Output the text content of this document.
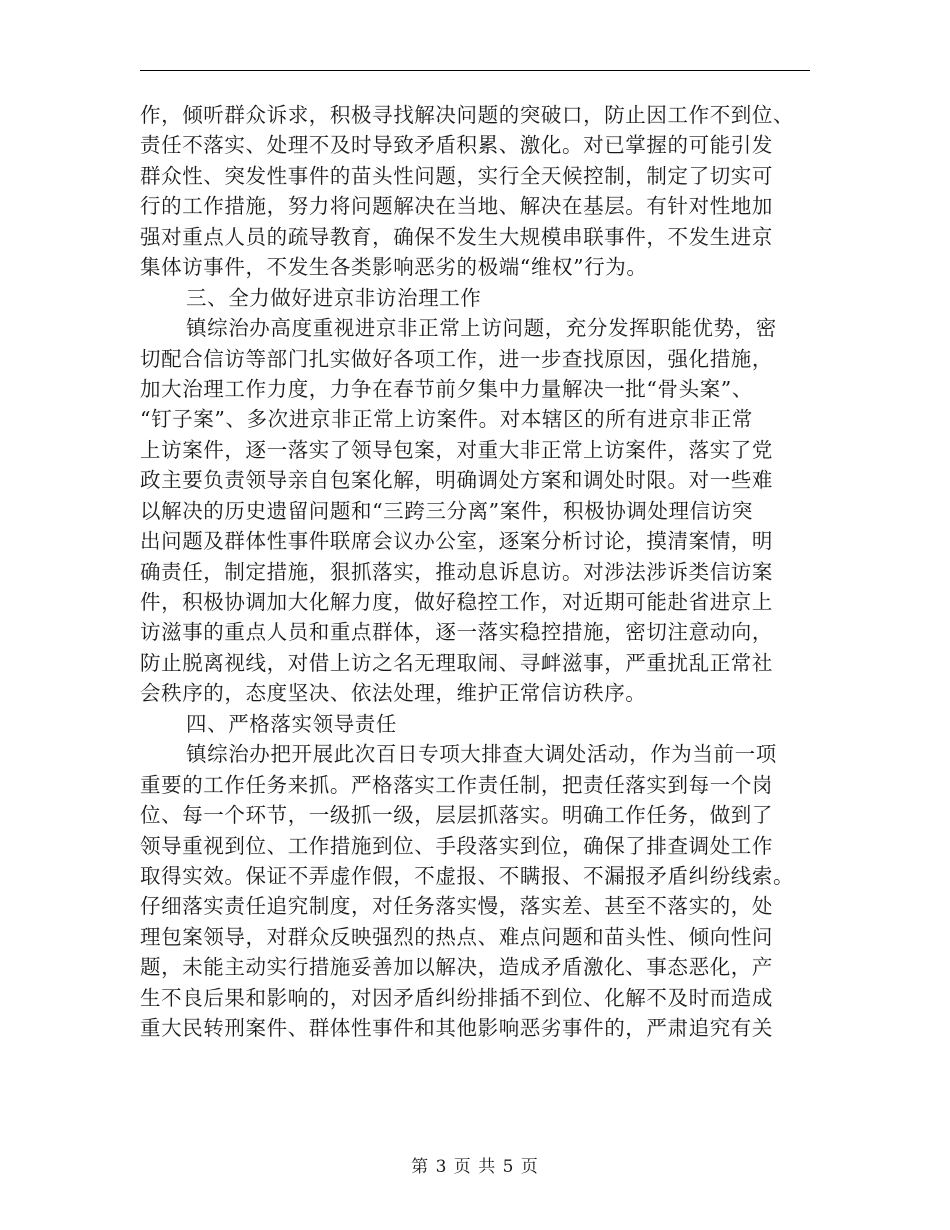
作，倾听群众诉求，积极寻找解决问题的突破口，防止因工作不到位、
责任不落实、处理不及时导致矛盾积累、激化。对已掌握的可能引发
群众性、突发性事件的苗头性问题，实行全天候控制，制定了切实可
行的工作措施，努力将问题解决在当地、解决在基层。有针对性地加
强对重点人员的疏导教育，确保不发生大规模串联事件，不发生进京
集体访事件，不发生各类影响恶劣的极端“维权”行为。
三、全力做好进京非访治理工作
镇综治办高度重视进京非正常上访问题，充分发挥职能优势，密
切配合信访等部门扎实做好各项工作，进一步查找原因，强化措施，
加大治理工作力度，力争在春节前夕集中力量解决一批“骨头案”、
“钉子案”、多次进京非正常上访案件。对本辖区的所有进京非正常
上访案件，逐一落实了领导包案，对重大非正常上访案件，落实了党
政主要负责领导亲自包案化解，明确调处方案和调处时限。对一些难
以解决的历史遗留问题和“三跨三分离”案件，积极协调处理信访突
出问题及群体性事件联席会议办公室，逐案分析讨论，摸清案情，明
确责任，制定措施，狠抓落实，推动息诉息访。对涉法涉诉类信访案
件，积极协调加大化解力度，做好稳控工作，对近期可能赴省进京上
访滋事的重点人员和重点群体，逐一落实稳控措施，密切注意动向，
防止脱离视线，对借上访之名无理取闹、寻衅滋事，严重扰乱正常社
会秩序的，态度坚决、依法处理，维护正常信访秩序。
四、严格落实领导责任
镇综治办把开展此次百日专项大排查大调处活动，作为当前一项
重要的工作任务来抓。严格落实工作责任制，把责任落实到每一个岗
位、每一个环节，一级抓一级，层层抓落实。明确工作任务，做到了
领导重视到位、工作措施到位、手段落实到位，确保了排查调处工作
取得实效。保证不弄虚作假，不虚报、不瞒报、不漏报矛盾纠纷线索。
仔细落实责任追究制度，对任务落实慢，落实差、甚至不落实的，处
理包案领导，对群众反映强烈的热点、难点问题和苗头性、倾向性问
题，未能主动实行措施妥善加以解决，造成矛盾激化、事态恶化，产
生不良后果和影响的，对因矛盾纠纷排插不到位、化解不及时而造成
重大民转刑案件、群体性事件和其他影响恶劣事件的，严肃追究有关
第 3 页 共 5 页
